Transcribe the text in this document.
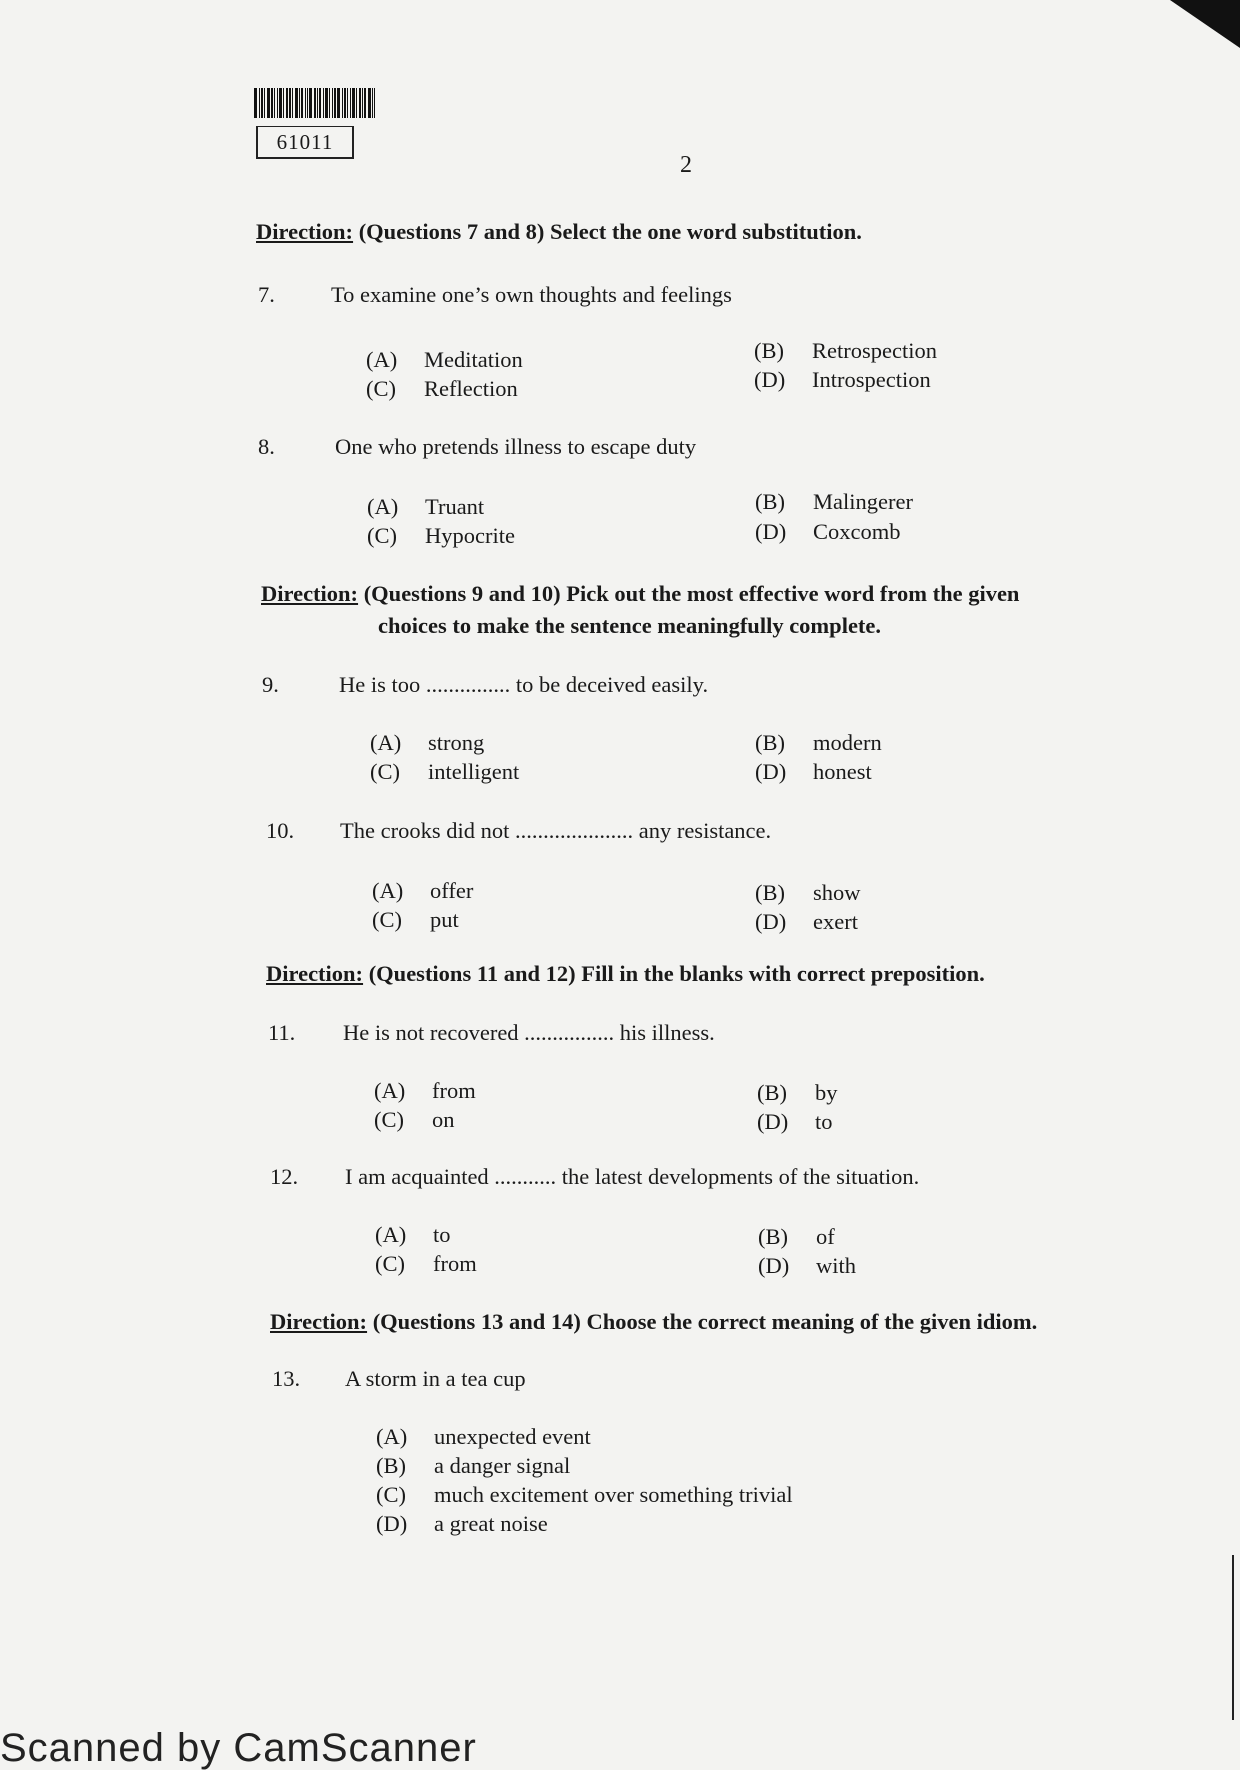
61011
2
Direction: (Questions 7 and 8) Select the one word substitution.
7. To examine one’s own thoughts and feelings
(A) Meditation	(B) Retrospection
(C) Reflection	(D) Introspection
8.	One who pretends illness to escape duty
(A) Truant	(B) Malingerer
(C) Hypocrite	(D) Coxcomb
Direction: (Questions 9 and 10) Pick out the most effective word from the given
choices to make the sentence meaningfully complete.
9.	He is too ............... to be deceived easily.
(A) strong	(B) modern
(C) intelligent	(D) honest
10. The crooks did not ..................... any resistance.
(A) offer	(B) show
(C) put	(D) exert
Direction: (Questions 11 and 12) Fill in the blanks with correct preposition.
11. He is not recovered ................ his illness.
(A) from	(B) by
(C) on	(D) to
12. I am acquainted ........... the latest developments of the situation.
(A) to	(B) of
(C) from	(D) with
Direction: (Questions 13 and 14) Choose the correct meaning of the given idiom.
13. A storm in a tea cup
(A) unexpected event
(B) a danger signal
(C) much excitement over something trivial
(D) a great noise
Scanned by CamScanner
